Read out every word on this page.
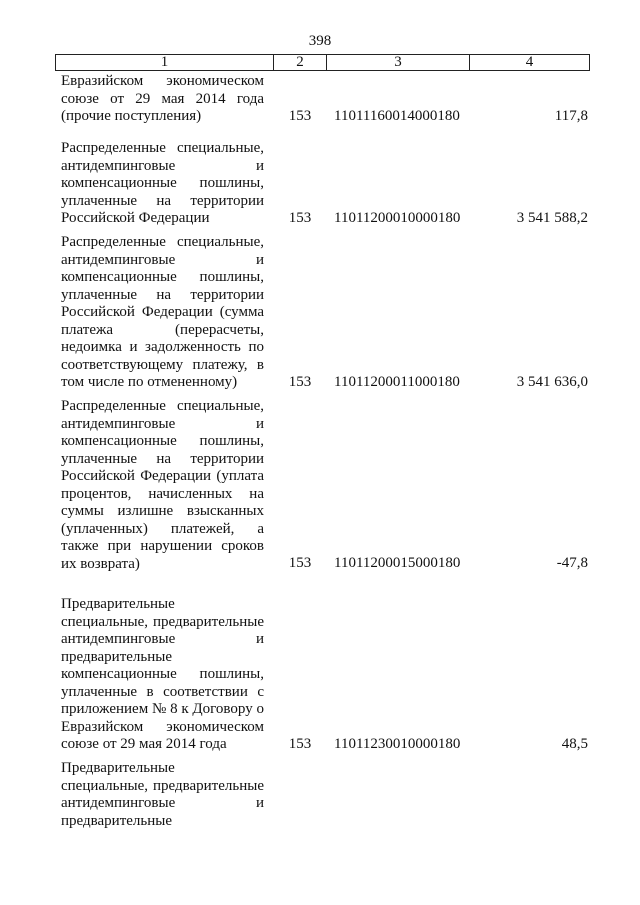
398
1	2	3	4
Евразийском экономическом
союзе от 29 мая 2014 года
(прочие поступления)	153 11011160014000180	117,8
Распределенные специальные,
антидемпинговые и
компенсационные пошлины,
уплаченные на территории
Российской Федерации	153 11011200010000180	3 541 588,2
Распределенные специальные,
антидемпинговые и
компенсационные пошлины,
уплаченные на территории
Российской Федерации (сумма
платежа (перерасчеты,
недоимка и задолженность по
соответствующему платежу, в
том числе по отмененному)	153 11011200011000180	3 541 636,0
Распределенные специальные,
антидемпинговые и
компенсационные пошлины,
уплаченные на территории
Российской Федерации (уплата
процентов, начисленных на
суммы излишне взысканных
(уплаченных) платежей, а
также при нарушении сроков
их возврата)	153 11011200015000180	-47,8
Предварительные
специальные, предварительные
антидемпинговые и
предварительные
компенсационные пошлины,
уплаченные в соответствии с
приложением № 8 к Договору о
Евразийском экономическом
союзе от 29 мая 2014 года	153 11011230010000180	48,5
Предварительные
специальные, предварительные
антидемпинговые и
предварительные
